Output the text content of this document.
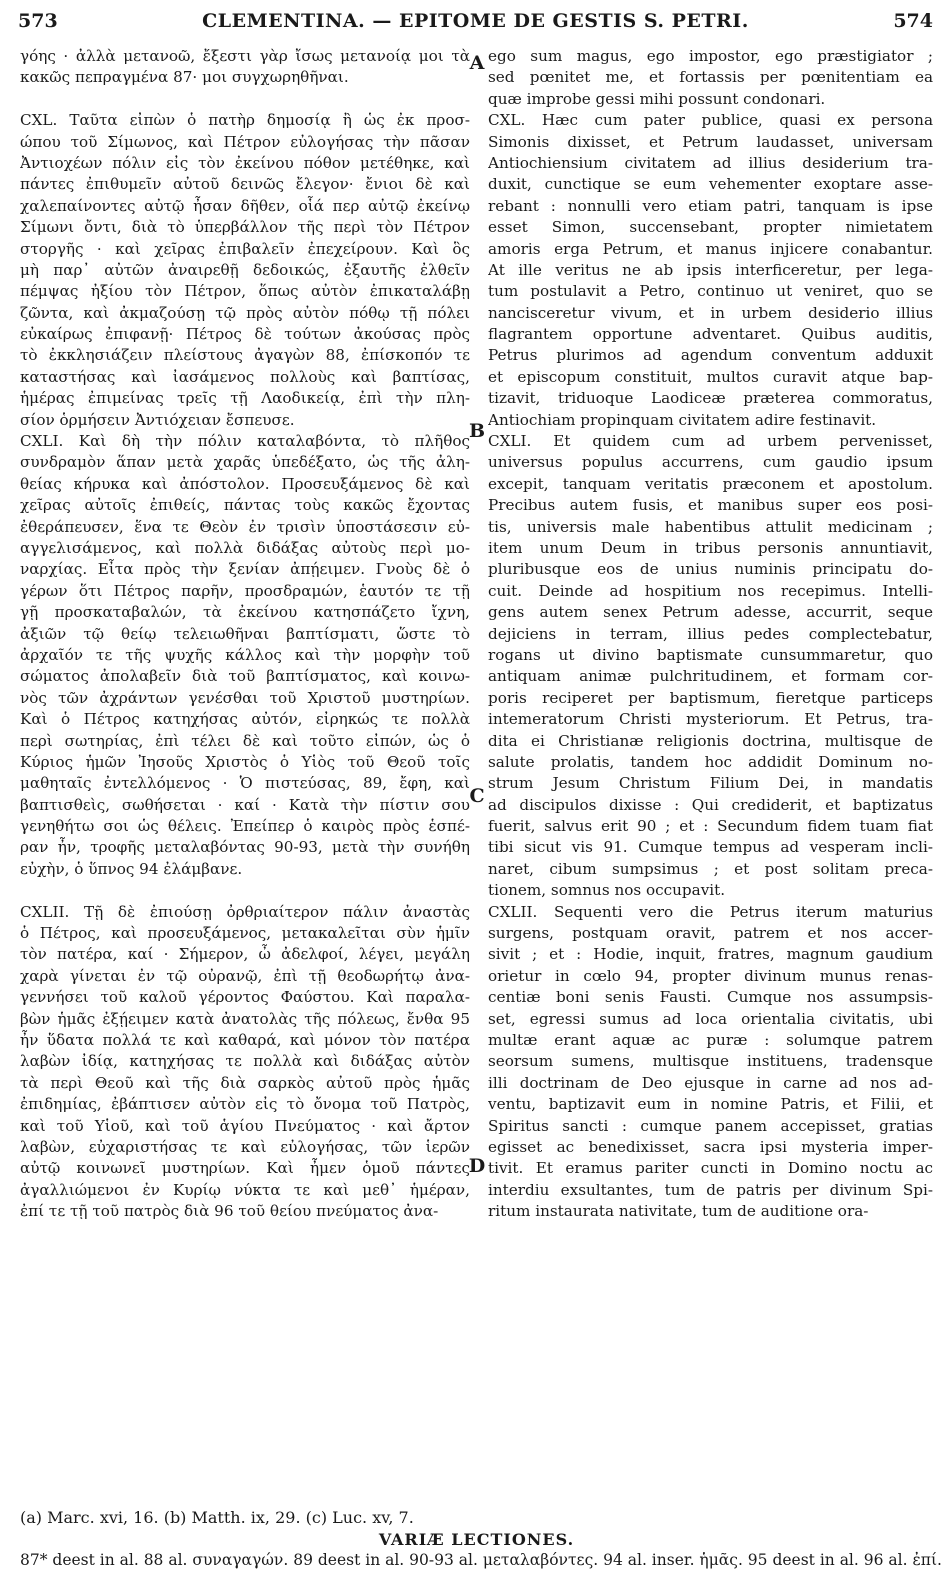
573	CLEMENTINA. — EPITOME DE GESTIS S. PETRI.	574
γόης · ἀλλὰ μετανοῶ, ἔξεστι γὰρ ἴσως μετανοίᾳ μοι τὰ
κακῶς πεπραγμένα 87· μοι συγχωρηθῆναι.
CXL. Ταῦτα εἰπὼν ὁ πατὴρ δημοσίᾳ ἢ ὡς ἐκ προσ-
ώπου τοῦ Σίμωνος, καὶ Πέτρον εὐλογήσας τὴν πᾶσαν
Ἀντιοχέων πόλιν εἰς τὸν ἐκείνου πόθον μετέθηκε, καὶ
πάντες ἐπιθυμεῖν αὐτοῦ δεινῶς ἔλεγον· ἔνιοι δὲ καὶ
χαλεπαίνοντες αὐτῷ ἦσαν δῆθεν, οἷά περ αὐτῷ ἐκείνῳ
Σίμωνι ὄντι, διὰ τὸ ὑπερβάλλον τῆς περὶ τὸν Πέτρον
στοργῆς · καὶ χεῖρας ἐπιβαλεῖν ἐπεχείρουν. Καὶ ὃς
μὴ παρ᾽ αὐτῶν ἀναιρεθῇ δεδοικώς, ἐξαυτῆς ἐλθεῖν
πέμψας ἠξίου τὸν Πέτρον, ὅπως αὐτὸν ἐπικαταλάβῃ
ζῶντα, καὶ ἀκμαζούσῃ τῷ πρὸς αὐτὸν πόθῳ τῇ πόλει
εὐκαίρως ἐπιφανῇ· Πέτρος δὲ τούτων ἀκούσας πρὸς
τὸ ἐκκλησιάζειν πλείστους ἀγαγὼν 88, ἐπίσκοπόν τε
καταστήσας καὶ ἰασάμενος πολλοὺς καὶ βαπτίσας,
ἡμέρας ἐπιμείνας τρεῖς τῇ Λαοδικείᾳ, ἐπὶ τὴν πλη-
σίον ὁρμήσειν Ἀντιόχειαν ἔσπευσε.
CXLI. Καὶ δὴ τὴν πόλιν καταλαβόντα, τὸ πλῆθος
συνδραμὸν ἅπαν μετὰ χαρᾶς ὑπεδέξατο, ὡς τῆς ἀλη-
θείας κήρυκα καὶ ἀπόστολον. Προσευξάμενος δὲ καὶ
χεῖρας αὐτοῖς ἐπιθείς, πάντας τοὺς κακῶς ἔχοντας
ἐθεράπευσεν, ἕνα τε Θεὸν ἐν τρισὶν ὑποστάσεσιν εὐ-
αγγελισάμενος, καὶ πολλὰ διδάξας αὐτοὺς περὶ μο-
ναρχίας. Εἶτα πρὸς τὴν ξενίαν ἀπῄειμεν. Γνοὺς δὲ ὁ
γέρων ὅτι Πέτρος παρῆν, προσδραμών, ἑαυτόν τε τῇ
γῇ προσκαταβαλών, τὰ ἐκείνου κατησπάζετο ἴχνη,
ἀξιῶν τῷ θείῳ τελειωθῆναι βαπτίσματι, ὥστε τὸ
ἀρχαῖόν τε τῆς ψυχῆς κάλλος καὶ τὴν μορφὴν τοῦ
σώματος ἀπολαβεῖν διὰ τοῦ βαπτίσματος, καὶ κοινω-
νὸς τῶν ἀχράντων γενέσθαι τοῦ Χριστοῦ μυστηρίων.
Καὶ ὁ Πέτρος κατηχήσας αὐτόν, εἰρηκώς τε πολλὰ
περὶ σωτηρίας, ἐπὶ τέλει δὲ καὶ τοῦτο εἰπών, ὡς ὁ
Κύριος ἡμῶν Ἰησοῦς Χριστὸς ὁ Υἱὸς τοῦ Θεοῦ τοῖς
μαθηταῖς ἐντελλόμενος · Ὁ πιστεύσας, 89, ἔφη, καὶ
βαπτισθεὶς, σωθήσεται · καί · Κατὰ τὴν πίστιν σου
γενηθήτω σοι ὡς θέλεις. Ἐπείπερ ὁ καιρὸς πρὸς ἑσπέ-
ραν ἦν, τροφῆς μεταλαβόντας 90-93, μετὰ τὴν συνήθη
εὐχὴν, ὁ ὕπνος 94 ἐλάμβανε.
CXLII. Τῇ δὲ ἐπιούσῃ ὀρθριαίτερον πάλιν ἀναστὰς
ὁ Πέτρος, καὶ προσευξάμενος, μετακαλεῖται σὺν ἡμῖν
τὸν πατέρα, καί · Σήμερον, ὦ ἀδελφοί, λέγει, μεγάλη
χαρὰ γίνεται ἐν τῷ οὐρανῷ, ἐπὶ τῇ θεοδωρήτῳ ἀνα-
γεννήσει τοῦ καλοῦ γέροντος Φαύστου. Καὶ παραλα-
βὼν ἡμᾶς ἐξῄειμεν κατὰ ἀνατολὰς τῆς πόλεως, ἔνθα 95
ἦν ὕδατα πολλά τε καὶ καθαρά, καὶ μόνον τὸν πατέρα
λαβὼν ἰδίᾳ, κατηχήσας τε πολλὰ καὶ διδάξας αὐτὸν
τὰ περὶ Θεοῦ καὶ τῆς διὰ σαρκὸς αὐτοῦ πρὸς ἡμᾶς
ἐπιδημίας, ἐβάπτισεν αὐτὸν εἰς τὸ ὄνομα τοῦ Πατρὸς,
καὶ τοῦ Υἱοῦ, καὶ τοῦ ἁγίου Πνεύματος · καὶ ἄρτον
λαβὼν, εὐχαριστήσας τε καὶ εὐλογήσας, τῶν ἱερῶν
αὐτῷ κοινωνεῖ μυστηρίων. Καὶ ἦμεν ὁμοῦ πάντες
ἀγαλλιώμενοι ἐν Κυρίῳ νύκτα τε καὶ μεθ᾽ ἡμέραν,
ἐπί τε τῇ τοῦ πατρὸς διὰ 96 τοῦ θείου πνεύματος ἀνα-
ego sum magus, ego impostor, ego præstigiator ;
sed pœnitet me, et fortassis per pœnitentiam ea
quæ improbe gessi mihi possunt condonari.
CXL. Hæc cum pater publice, quasi ex persona
Simonis dixisset, et Petrum laudasset, universam
Antiochiensium civitatem ad illius desiderium tra-
duxit, cunctique se eum vehementer exoptare asse-
rebant : nonnulli vero etiam patri, tanquam is ipse
esset Simon, succensebant, propter nimietatem
amoris erga Petrum, et manus injicere conabantur.
At ille veritus ne ab ipsis interficeretur, per lega-
tum postulavit a Petro, continuo ut veniret, quo se
nancisceretur vivum, et in urbem desiderio illius
flagrantem opportune adventaret. Quibus auditis,
Petrus plurimos ad agendum conventum adduxit
et episcopum constituit, multos curavit atque bap-
tizavit, triduoque Laodiceæ præterea commoratus,
Antiochiam propinquam civitatem adire festinavit.
CXLI. Et quidem cum ad urbem pervenisset,
universus populus accurrens, cum gaudio ipsum
excepit, tanquam veritatis præconem et apostolum.
Precibus autem fusis, et manibus super eos posi-
tis, universis male habentibus attulit medicinam ;
item unum Deum in tribus personis annuntiavit,
pluribusque eos de unius numinis principatu do-
cuit. Deinde ad hospitium nos recepimus. Intelli-
gens autem senex Petrum adesse, accurrit, seque
dejiciens in terram, illius pedes complectebatur,
rogans ut divino baptismate cunsummaretur, quo
antiquam animæ pulchritudinem, et formam cor-
poris reciperet per baptismum, fieretque particeps
intemeratorum Christi mysteriorum. Et Petrus, tra-
dita ei Christianæ religionis doctrina, multisque de
salute prolatis, tandem hoc addidit Dominum no-
strum Jesum Christum Filium Dei, in mandatis
ad discipulos dixisse : Qui crediderit, et baptizatus
fuerit, salvus erit 90 ; et : Secundum fidem tuam fiat
tibi sicut vis 91. Cumque tempus ad vesperam incli-
naret, cibum sumpsimus ; et post solitam preca-
tionem, somnus nos occupavit.
CXLII. Sequenti vero die Petrus iterum maturius
surgens, postquam oravit, patrem et nos accer-
sivit ; et : Hodie, inquit, fratres, magnum gaudium
orietur in cœlo 94, propter divinum munus renas-
centiæ boni senis Fausti. Cumque nos assumpsis-
set, egressi sumus ad loca orientalia civitatis, ubi
multæ erant aquæ ac puræ : solumque patrem
seorsum sumens, multisque instituens, tradensque
illi doctrinam de Deo ejusque in carne ad nos ad-
ventu, baptizavit eum in nomine Patris, et Filii, et
Spiritus sancti : cumque panem accepisset, gratias
egisset ac benedixisset, sacra ipsi mysteria imper-
tivit. Et eramus pariter cuncti in Domino noctu ac
interdiu exsultantes, tum de patris per divinum Spi-
ritum instaurata nativitate, tum de auditione ora-
A
B
C
D
(a) Marc. xvi, 16. (b) Matth. ix, 29. (c) Luc. xv, 7.
VARIÆ LECTIONES.
87* deest in al. 88 al. συναγαγών. 89 deest in al. 90-93 al. μεταλαβόντες. 94 al. inser. ἡμᾶς. 95 deest in al. 96 al. ἐπί.
